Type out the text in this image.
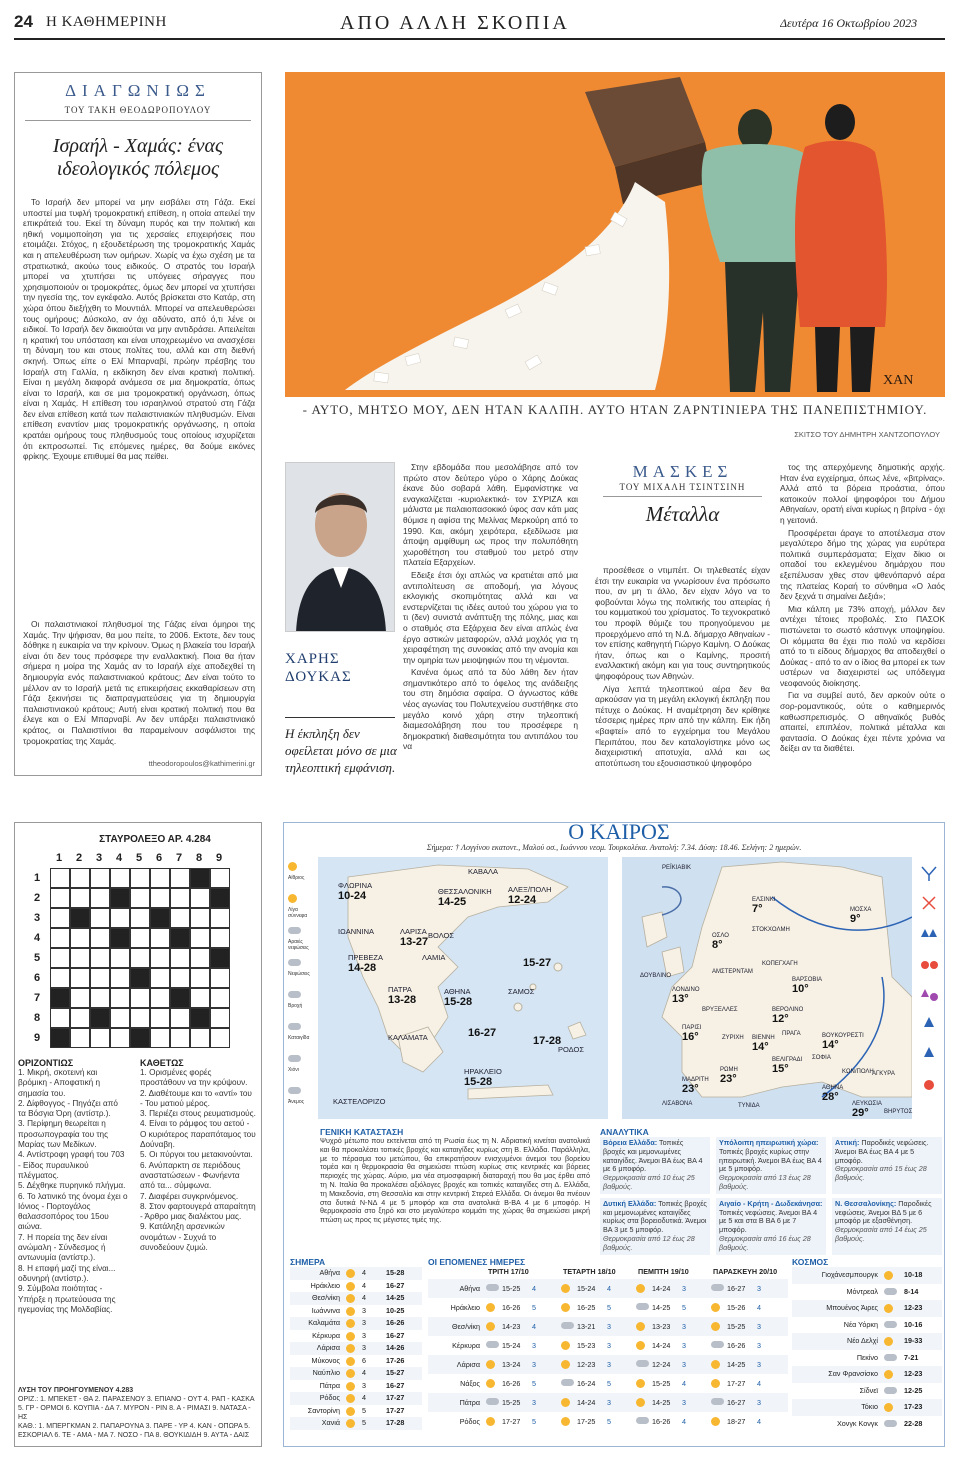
24 Η ΚΑΘΗΜΕΡΙΝΗ	ΑΠΟ ΑΛΛΗ ΣΚΟΠΙΑ	Δευτέρα 16 Οκτωβρίου 2023
ΔΙΑΓΩΝΙΩΣ
ΤΟΥ ΤΑΚΗ ΘΕΟΔΩΡΟΠΟΥΛΟΥ
Ισραήλ - Χαμάς: ένας ιδεολογικός πόλεμος

Το Ισραήλ δεν μπορεί να μην εισβάλει στη Γάζα. Εκεί υποστεί μια τυφλή τρομοκρατική επίθεση, η οποία απειλεί την επικράτειά του. Εκεί τη δύναμη πυρός και την πολιτική και ηθική νομιμοποίηση για τις χερσαίες επιχειρήσεις που ετοιμάζει. Στόχος, η εξουδετέρωση της τρομοκρατικής Χαμάς και η απελευθέρωση των ομήρων. Χωρίς να έχω σχέση με τα στρατιωτικά, ακούω τους ειδικούς. Ο στρατός του Ισραήλ μπορεί να χτυπήσει τις υπόγειες σήραγγες που χρησιμοποιούν οι τρομοκράτες, όμως δεν μπορεί να χτυπήσει την ηγεσία της, τον εγκέφαλο. Αυτός βρίσκεται στο Κατάρ, στη χώρα όπου διεξήχθη το Μουντιάλ. Μπορεί να απελευθερώσει τους ομήρους; Δύσκολο, αν όχι αδύνατο, από ό,τι λένε οι ειδικοί. Το Ισραήλ δεν δικαιούται να μην αντιδράσει. Απειλείται η κρατική του υπόσταση και είναι υποχρεωμένο να ανασχέσει τη δύναμη του και στους πολίτες του, αλλά και στη διεθνή σκηνή. Όπως είπε ο Ελί Μπαρναβί, πρώην πρέσβης του Ισραήλ στη Γαλλία, η εκδίκηση δεν είναι κρατική πολιτική. Είναι η μεγάλη διαφορά ανάμεσα σε μια δημοκρατία, όπως είναι το Ισραήλ, και σε μια τρομοκρατική οργάνωση, όπως είναι η Χαμάς. Η επίθεση του ισραηλινού στρατού στη Γάζα δεν είναι επίθεση κατά των παλαιστινιακών πληθυσμών. Είναι επίθεση εναντίον μιας τρομοκρατικής οργάνωσης, η οποία κρατάει ομήρους τους πληθυσμούς τους οποίους ισχυρίζεται ότι εκπροσωπεί. Τις επόμενες ημέρες, θα δούμε εικόνες φρίκης. Έχουμε επιθυμεί θα μας πείθει.

Οι παλαιστινιακοί πληθυσμοί της Γάζας είναι όμηροι της Χαμάς. Την ψήφισαν, θα μου πείτε, το 2006. Εκτοτε, δεν τους δόθηκε η ευκαιρία να την κρίνουν. Όμως η βλακεία του Ισραήλ είναι ότι δεν τους πρόσφερε την εναλλακτική. Ποια θα ήταν σήμερα η μοίρα της Χαμάς αν το Ισραήλ είχε αποδεχθεί τη δημιουργία ενός παλαιστινιακού κράτους; Δεν είναι τούτο το μέλλον αν το Ισραήλ μετά τις επικειρήσεις εκκαθαρίσεων στη Γάζα ξεκινήσει τις διαπραγματεύσεις για τη δημιουργία παλαιστινιακού κράτους; Αυτή είναι κρατική πολιτική που θα έλεγε και ο Ελί Μπαρναβί. Αν δεν υπάρξει παλαιστινιακό κράτος, οι Παλαιστίνιοι θα παραμείνουν ασφάλιστοι της τρομοκρατίας της Χαμάς.

ttheodoropoulos@kathimerini.gr
ΧΑΝ
- ΑΥΤΟ, ΜΗΤΣΟ ΜΟΥ, ΔΕΝ ΗΤΑΝ ΚΑΛΠΗ. ΑΥΤΟ ΗΤΑΝ ΖΑΡΝΤΙΝΙΕΡΑ ΤΗΣ ΠΑΝΕΠΙΣΤΗΜΙΟΥ.
ΣΚΙΤΣΟ ΤΟΥ ΔΗΜΗΤΡΗ ΧΑΝΤΖΟΠΟΥΛΟΥ
ΧΑΡΗΣ
ΔΟΥΚΑΣ
Η έκπληξη δεν οφείλεται μόνο σε μια τηλεοπτική εμφάνιση.

Στην εβδομάδα που μεσολάβησε από τον πρώτο στον δεύτερο γύρο ο Χάρης Δούκας έκανε δύο σοβαρά λάθη. Εμφανίστηκε να εναγκαλίζεται -κυριολεκτικά- τον ΣΥΡΙΖΑ και μάλιστα με παλαιοπασοκικό ύφος σαν κάτι μας θύμισε η αφίσα της Μελίνας Μερκούρη από το 1990. Και, ακόμη χειρότερα, εξεδίλωσε μια άποψη αμφίθυμη ως προς την πολυπόθητη χωροθέτηση του σταθμού του μετρό στην πλατεία Εξαρχείων.

Εδειξε έτσι όχι απλώς να κρατιέται από μια αντιπολίτευση σε αποδομή, για λόγους εκλογικής σκοπιμότητας αλλά και να ενστερνίζεται τις ιδέες αυτού του χώρου για το τι (δεν) συνιστά ανάπτυξη της πόλης, μιας και ο σταθμός στα Εξάρχεια δεν είναι απλώς ένα έργο αστικών μεταφορών, αλλά μοχλός για τη χειραφέτηση της συνοικίας από την ανομία και την ομηρία των μειοψηφιών που τη νέμονται.

Κανένα όμως από τα δύο λάθη δεν ήταν σημαντικότερο από το όφελος της ανάδειξης του στη δημόσια σφαίρα. Ο άγνωστος κάθε νέος αγωνίας του Πολυτεχνείου συστήθηκε στο μεγάλο κοινό χάρη στην τηλεοπτική διαμεσολάβηση που του προσέφερε η δημοκρατική διαθεσιμότητα του αντιπάλου του να

ΜΑΣΚΕΣ
ΤΟΥ ΜΙΧΑΛΗ ΤΣΙΝΤΣΙΝΗ
Μέταλλα

προσέθεσε ο ντιμπέιτ. Οι τηλεθεατές είχαν έτσι την ευκαιρία να γνωρίσουν ένα πρόσωπο που, αν μη τι άλλο, δεν είχαν λόγο να το φοβούνται λόγω της πολιτικής του απειρίας ή του κομματικού του χρίσματος. Το τεχνοκρατικό του προφίλ θύμιζε του προηγούμενου με προερχόμενο από τη Ν.Δ. δήμαρχο Αθηναίων - τον επίσης καθηγητή Γιώργο Καμίνη. Ο Δούκας ήταν, όπως και ο Καμίνης, προσιτή εναλλακτική ακόμη και για τους συντηρητικούς ψηφοφόρους των Αθηνών.

Λίγα λεπτά τηλεοπτικού αέρα δεν θα αρκούσαν για τη μεγάλη εκλογική έκπληξη που πέτυχε ο Δούκας. Η αναμέτρηση δεν κρίθηκε τέσσερις ημέρες πριν από την κάλπη. Εικ ήδη «βαφτεί» από το εγχείρημα του Μεγάλου Περιπάτου, που δεν καταλογίστηκε μόνο ως διαχειριστική αποτυχία, αλλά και ως αποτύπωση του εξουσιαστικού ψηφοφόρο

τος της απερχόμενης δημοτικής αρχής. Ηταν ένα εγχείρημα, όπως λένε, «βιτρίνας». Αλλά από τα βόρεια προάστια, όπου κατοικούν πολλοί ψηφοφόροι του Δήμου Αθηναίων, ορατή είναι κυρίως η βιτρίνα - όχι η γειτονιά.

Προσφέρεται άραγε το αποτέλεσμα στον μεγαλύτερο δήμο της χώρας για ευρύτερα πολιτικά συμπεράσματα; Είχαν δίκιο οι οπαδοί του εκλεγμένου δημάρχου που εξεπέλυσαν χθες στον ψθενόπαρνό αέρα της πλατείας Κοραή το σύνθημα «Ο λαός δεν ξεχνά τι σημαίνει Δεξιά»;

Μια κάλπη με 73% αποχή, μάλλον δεν αντέχει τέτοιες προβολές. Στο ΠΑΣΟΚ πιστώνεται το σωστό κάστινγκ υποψηφίου. Οι κόμματα θα έχει πιο πολύ να κερδίσει από το τι είδους δήμαρχος θα αποδειχθεί ο Δούκας - από το αν ο ίδιος θα μπορεί εκ των υστέρων να διαχειριστεί ως υπόδειγμα νεοφανούς διοίκησης.

Για να συμβεί αυτό, δεν αρκούν ούτε ο σορ-ρομαντικούς, ούτε ο καθημερινός καθωσπρεπισμός. Ο αθηναϊκός βυθός απαιτεί, επιπλέον, πολιτικά μέταλλα και φαντασία. Ο Δούκας έχει πέντε χρόνια να δείξει αν τα διαθέτει.

ΣΤΑΥΡΟΛΕΞΟ ΑΡ. 4.284
1 2 3 4 5 6 7 8 9
1
2
3
4
5
6
7
8
9
ΟΡΙΖΟΝΤΙΩΣ
1. Μικρή, σκοτεινή και βρόμικη - Αποφατική η σημασία του.
2. Δίφθογγος - Πηγάζει από τα Βόσγια Όρη (αντίστρ.).
3. Περίφημη θεωρείται η προσωπογραφία του της Μαρίας των Μεδίκων.
4. Αντίστροφη γραφή του 703 - Είδος πυραυλικού πλέγματος.
5. Δέχθηκε πυρηνικό πλήγμα.
6. Το λατινικό της όνομα έχει ο Ιόνιος - Πορτογάλος θαλασσοπόρος του 15ου αιώνα.
7. Η πορεία της δεν είναι ανώμαλη - Σύνδεσμος ή αντωνυμία (αντίστρ.).
8. Η επαφή μαζί της είναι... οδυνηρή (αντίστρ.).
9. Σύμβολα ποιότητας - Υπήρξε η πρωτεύουσα της ηγεμονίας της Μολδαβίας.
ΚΑΘΕΤΩΣ
1. Ορισμένες φορές προστάθουν να την κρύψουν.
2. Διαθέτουμε και το «αντί» του - Του ματιού μέρος.
3. Περιέζει στους ρευματισμούς.
4. Είναι το ράμφος του αετού - Ο κυριότερος παραπόταμος του Δούναβη.
5. Οι πύργοι του μετακινούνται.
6. Ανύπαρκτη σε περιόδους αναστατώσεων - Φωνήεντα από τα... σύμφωνα.
7. Διαφέρει συγκρινόμενος.
8. Στον φαρτουγερά απαραίτητη - Άρθρο μιας διαλέκτου μας.
9. Κατάληξη αρσενικών ονομάτων - Συχνά το συνοδεύουν ζυμώ.
ΛΥΣΗ ΤΟΥ ΠΡΟΗΓΟΥΜΕΝΟΥ 4.283
ΟΡΙΖ.: 1. ΜΠΕΚΕΤ - ΘΑ 2. ΠΑΡΑΣΕΝΟΥ 3. ΕΠΙΑΝΟ - ΟΥΤ 4. ΡΑΠ - ΚΑΣΚΑ 5. ΓΡ - ΟΡΜΟΙ 6. ΚΟΥΠΙΑ - ΔΑ 7. ΜΥΡΟΝ - ΡΙΝ 8. Α - ΡΙΜΑΣΙ 9. ΝΑΤΑΣΑ - ΗΣ
ΚΑΘ.: 1. ΜΠΕΡΓΚΜΑΝ 2. ΠΑΠΑΡΟΥΝΑ 3. ΠΑΡΕ - ΥΡ 4. ΚΑΝ - ΟΠΩΡΑ 5. ΕΣΚΟΡΙΑΛ 6. ΤΕ - ΑΜΑ - ΜΑ 7. ΝΟΣΟ - ΠΑ 8. ΘΟΥΚΙΔΙΔΗ 9. ΑΥΤΑ - ΔΑΙΣ
Ο ΚΑΙΡΟΣ
Σήμερα: † Λογγίνου εκατοντ., Μαλού οσ., Ιωάννου νεομ. Τουρκολέκα. Ανατολή: 7.34. Δύση: 18.46. Σελήνη: 2 ημερών.
Αίθριος
Λίγα σύννεφα
Αραιές νεφώσεις
Νεφώσεις
Βροχή
Καταιγίδα
Χιόνι
Άνεμος
ΦΛΩΡΙΝΑ
10-24
ΚΑΒΑΛΑ
ΘΕΣΣΑΛΟΝΙΚΗ
14-25
ΑΛΕΞ/ΠΟΛΗ
12-24
ΙΩΑΝΝΙΝΑ	ΛΑΡΙΣΑ
13-27
ΒΟΛΟΣ
ΛΑΜΙΑ
ΠΡΕΒΕΖΑ
14-28
ΠΑΤΡΑ
13-28
ΑΘΗΝΑ
15-28
ΣΑΜΟΣ
15-27
ΚΑΛΑΜΑΤΑ	16-27
17-28
ΡΟΔΟΣ
ΗΡΑΚΛΕΙΟ
15-28
ΚΑΣΤΕΛΟΡΙΖΟ
ΡΕΪΚΙΑΒΙΚ
ΕΛΣΙΝΚΙ
7°	ΜΟΣΧΑ
9°
ΣΤΟΚΧΟΛΜΗ
ΟΣΛΟ
8°
ΚΟΠΕΓΧΑΓΗ
ΔΟΥΒΛΙΝΟ
ΑΜΣΤΕΡΝΤΑΜ
ΒΑΡΣΟΒΙΑ
10°
ΛΟΝΔΙΝΟ
13°
ΒΕΡΟΛΙΝΟ
12°
ΒΡΥΞΕΛΛΕΣ
ΠΡΑΓΑ
ΠΑΡΙΣΙ
16°	ΖΥΡΙΧΗ ΒΙΕΝΝΗ
14°
ΒΟΥΚΟΥΡΕΣΤΙ
14°
ΒΕΛΙΓΡΑΔΙ
15°
ΣΟΦΙΑ
ΡΩΜΗ
23°
ΚΩΝ/ΠΟΛΗ
ΑΓΚΥΡΑ
ΜΑΔΡΙΤΗ
23°	ΑΘΗΝΑ
28°
ΛΙΣΑΒΟΝΑ	ΤΥΝΙΔΑ	ΛΕΥΚΩΣΙΑ
29°	ΒΗΡΥΤΟΣ
ΓΕΝΙΚΗ ΚΑΤΑΣΤΑΣΗ
Ψυχρό μέτωπο που εκτείνεται από τη Ρωσία έως τη Ν. Αδριατική κινείται ανατολικά και θα προκαλέσει τοπικές βροχές και καταιγίδες κυρίως στη Β. Ελλάδα. Παράλληλα, με το πέρασμα του μετώπου, θα επικρατήσουν ενισχυμένοι άνεμοι του βορείου τομέα και η θερμοκρασία θα σημειώσει πτώση κυρίως στις κεντρικές και βόρειες περιοχές της χώρας. Αύριο, μια νέα ατμοσφαιρική διαταραχή που θα μας έρθει από τη Ν. Ιταλία θα προκαλέσει αξιόλογες βροχές και τοπικές καταιγίδες στη Δ. Ελλάδα, τη Μακεδονία, στη Θεσσαλία και στην κεντρική Στερεά Ελλάδα. Οι άνεμοι θα πνέουν στα δυτικά Ν-ΝΔ 4 με 5 μποφόρ και στα ανατολικά Β-ΒΑ 4 με 6 μποφόρ. Η θερμοκρασία στο ξηρό και στο μεγαλύτερο κομμάτι της χώρας θα σημειώσει μικρή πτώση ως προς τις μέγιστες τιμές της.
ΑΝΑΛΥΤΙΚΑ
Βόρεια Ελλάδα: Τοπικές βροχές και μεμονωμένες καταιγίδες. Άνεμοι ΒΑ έως ΒΑ 4 με 6 μποφόρ.
Θερμοκρασία από 10 έως 25 βαθμούς.
Υπόλοιπη ηπειρωτική χώρα: Τοπικές βροχές κυρίως στην ηπειρωτική. Άνεμοι ΒΑ έως ΒΑ 4 με 5 μποφόρ.
Θερμοκρασία από 13 έως 28 βαθμούς.
Αττική: Παροδικές νεφώσεις. Άνεμοι ΒΑ έως ΒΑ 4 με 5 μποφόρ.
Θερμοκρασία από 15 έως 28 βαθμούς.
Δυτική Ελλάδα: Τοπικές βροχές και μεμονωμένες καταιγίδες κυρίως στα βορειοδυτικά. Άνεμοι ΒΑ 3 με 5 μποφόρ.
Θερμοκρασία από 12 έως 28 βαθμούς.
Αιγαίο - Κρήτη - Δωδεκάνησα: Τοπικές νεφώσεις. Άνεμοι ΒΑ 4 με 5 και στα Β ΒΑ 6 με 7 μποφόρ.
Θερμοκρασία από 16 έως 28 βαθμούς.
Ν. Θεσσαλονίκης: Παροδικές νεφώσεις. Άνεμοι ΒΔ 5 με 6 μποφόρ με εξασθένηση.
Θερμοκρασία από 14 έως 25 βαθμούς.
ΣΗΜΕΡΑ
Αθήνα	4	15-28
Ηράκλειο	4	16-27
Θεσ/νίκη	4	14-25
Ιωάννινα	3	10-25
Καλαμάτα	3	16-26
Κέρκυρα	3	16-27
Λάρισα	3	14-26
Μύκονος	6	17-26
Ναύπλιο	4	15-27
Πάτρα	3	16-27
Ρόδος	4	17-27
Σαντορίνη	5	17-27
Χανιά	5	17-28
ΟΙ ΕΠΟΜΕΝΕΣ ΗΜΕΡΕΣ
ΤΡΙΤΗ 17/10	ΤΕΤΑΡΤΗ 18/10	ΠΕΜΠΤΗ 19/10	ΠΑΡΑΣΚΕΥΗ 20/10
Αθήνα	15-25 4	15-24 4	14-24 3	16-27 3
Ηράκλειο	16-26 5	16-25 5	14-25 5	15-26 4
Θεσ/νίκη	14-23 4	13-21 3	13-23 3	15-25 3
Κέρκυρα	15-24 3	15-23 3	14-24 3	16-26 3
Λάρισα	13-24 3	12-23 3	12-24 3	14-25 3
Νάξος	16-26 5	16-24 5	15-25 4	17-27 4
Πάτρα	15-25 3	14-24 3	14-25 3	16-27 3
Ρόδος	17-27 5	17-25 5	16-26 4	18-27 4
ΚΟΣΜΟΣ
Γιοχάνεσμπουργκ	10-18
Μόντρεαλ	8-14
Μπουένος Άιρες	12-23
Νέα Υόρκη	10-16
Νέο Δελχί	19-33
Πεκίνο	7-21
Σαν Φρανσίσκο	12-23
Σίδνεϊ	12-25
Τόκιο	17-23
Χονγκ Κονγκ	22-28
